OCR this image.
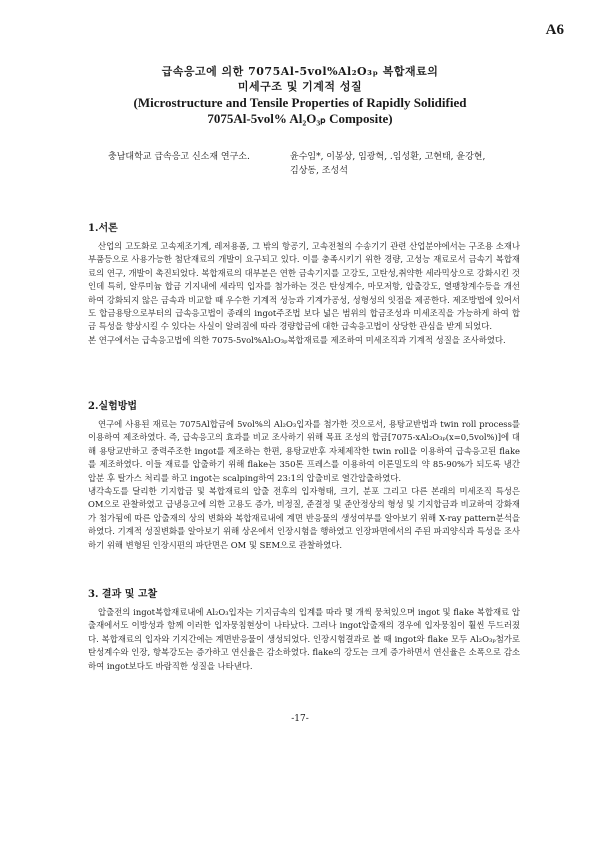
A6
급속응고에 의한 7075Al-5vol%Al₂O₃ₚ 복합재료의
미세구조 및 기계적 성질
(Microstructure and Tensile Properties of Rapidly Solidified
7075Al-5vol% Al₂O₃ₚ Composite)
충남대학교 급속응고 신소재 연구소.	윤수임*, 이봉상, 임광혁, .임성환, 고현태, 윤강현,
김상동, 조성석
1.서론

산업의 고도화로 고속제조기계, 레저용품, 그 밖의 항공기, 고속전철의 수송기기 관련 산업분야에서는 구조용 소재나 부품등으로 사용가능한 첨단재료의 개발이 요구되고 있다. 이를 충족시키기 위한 경량, 고성능 재료로서 금속기 복합재료의 연구, 개발이 촉진되었다. 복합재료의 대부분은 연한 금속기지를 고강도, 고탄성,취약한 세라믹상으로 강화시킨 것인데 특히, 알루미늄 합금 기지내에 세라믹 입자를 첨가하는 것은 탄성계수, 마모저항, 압출강도, 열팽창계수등을 개선하여 강화되지 않은 금속과 비교할 때 우수한 기계적 성능과 기계가공성, 성형성의 잇점을 제공한다. 제조방법에 있어서도 합금용탕으로부터의 급속응고법이 종래의 ingot주조법 보다 넓은 범위의 합금조성과 미세조직을 가능하게 하여 합금 특성을 향상시킬 수 있다는 사실이 알려짐에 따라 경량합금에 대한 급속응고법이 상당한 관심을 받게 되었다.

본 연구에서는 급속응고법에 의한 7075-5vol%Al₂O₃ₚ복합재료를 제조하여 미세조직과 기계적 성질을 조사하였다.

2.실험방법

연구에 사용된 재료는 7075Al합금에 5vol%의 Al₂O₃입자를 첨가한 것으로서, 용탕교반법과 twin roll process를 이용하여 제조하였다. 즉, 급속응고의 효과를 비교 조사하기 위해 목표 조성의 합금[7075-xAl₂O₃ₚ(x=0,5vol%)]에 대해 용탕교반하고 중력주조한 ingot를 제조하는 한편, 용탕교반후 자체제작한 twin roll을 이용하여 급속응고된 flake를 제조하였다. 이들 재료를 압출하기 위해 flake는 350톤 프레스를 이용하여 이론밀도의 약 85-90%가 되도록 냉간압분 후 탈가스 처리를 하고 ingot는 scalping하여 23:1의 압출비로 열간압출하였다.

냉각속도를 달리한 기지합금 및 복합재료의 압출 전후의 입자형태, 크기, 분포 그리고 다른 본래의 미세조직 특성은 OM으로 관찰하였고 급냉응고에 의한 고용도 증가, 비정질, 준결정 및 준안정상의 형성 및 기지합금과 비교하여 강화재가 첨가됨에 따른 압출재의 상의 변화와 복합재료내에 계면 반응물의 생성여부를 알아보기 위해 X-ray pattern분석을 하였다. 기계적 성질변화를 알아보기 위해 상온에서 인장시험을 행하였고 인장파면에서의 주된 파괴양식과 특성을 조사하기 위해 변형된 인장시편의 파단면은 OM 및 SEM으로 관찰하였다.

3. 결과 및 고찰

압출전의 ingot복합재료내에 Al₂O₃입자는 기지금속의 입계를 따라 몇 개씩 뭉쳐있으며 ingot 및 flake 복합재료 압출재에서도 이방성과 함께 이러한 입자뭉침현상이 나타났다. 그러나 ingot압출재의 경우에 입자뭉침이 훨씬 두드러졌다. 복합재료의 입자와 기지간에는 계면반응물이 생성되었다. 인장시험결과로 볼 때 ingot와 flake 모두 Al₂O₃ₚ첨가로 탄성계수와 인장, 항복강도는 증가하고 연신율은 감소하였다. flake의 강도는 크게 증가하면서 연신율은 소폭으로 감소하여 ingot보다도 바람직한 성질을 나타낸다.

-17-
